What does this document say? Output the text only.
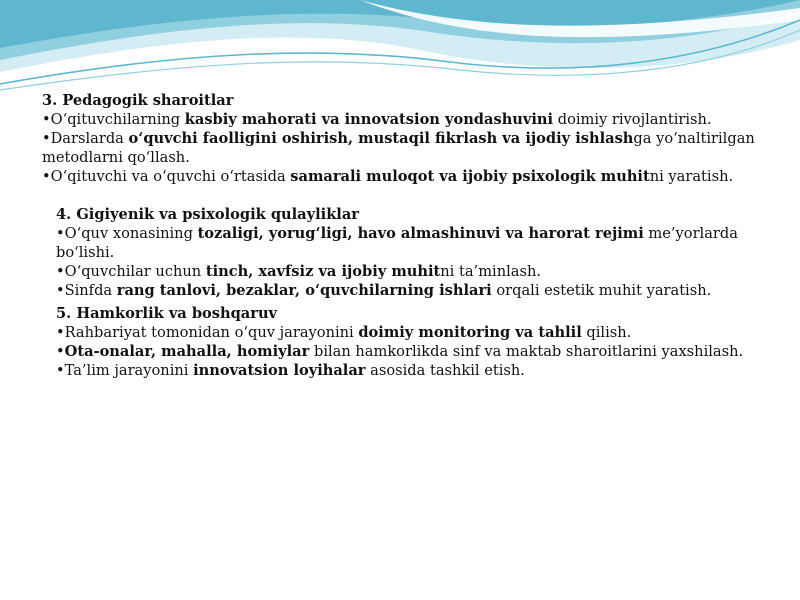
3. Pedagogik sharoitlar

•O‘qituvchilarning kasbiy mahorati va innovatsion yondashuvini doimiy rivojlantirish.

•Darslarda o‘quvchi faolligini oshirish, mustaqil fikrlash va ijodiy ishlashga yo‘naltirilgan metodlarni qo‘llash.

•O‘qituvchi va o‘quvchi o‘rtasida samarali muloqot va ijobiy psixologik muhitni yaratish.

4. Gigiyenik va psixologik qulayliklar

•O‘quv xonasining tozaligi, yorug‘ligi, havo almashinuvi va harorat rejimi me’yorlarda bo‘lishi.

•O‘quvchilar uchun tinch, xavfsiz va ijobiy muhitni ta’minlash.

•Sinfda rang tanlovi, bezaklar, o‘quvchilarning ishlari orqali estetik muhit yaratish.

5. Hamkorlik va boshqaruv

•Rahbariyat tomonidan o‘quv jarayonini doimiy monitoring va tahlil qilish.

•Ota-onalar, mahalla, homiylar bilan hamkorlikda sinf va maktab sharoitlarini yaxshilash.

•Ta’lim jarayonini innovatsion loyihalar asosida tashkil etish.
